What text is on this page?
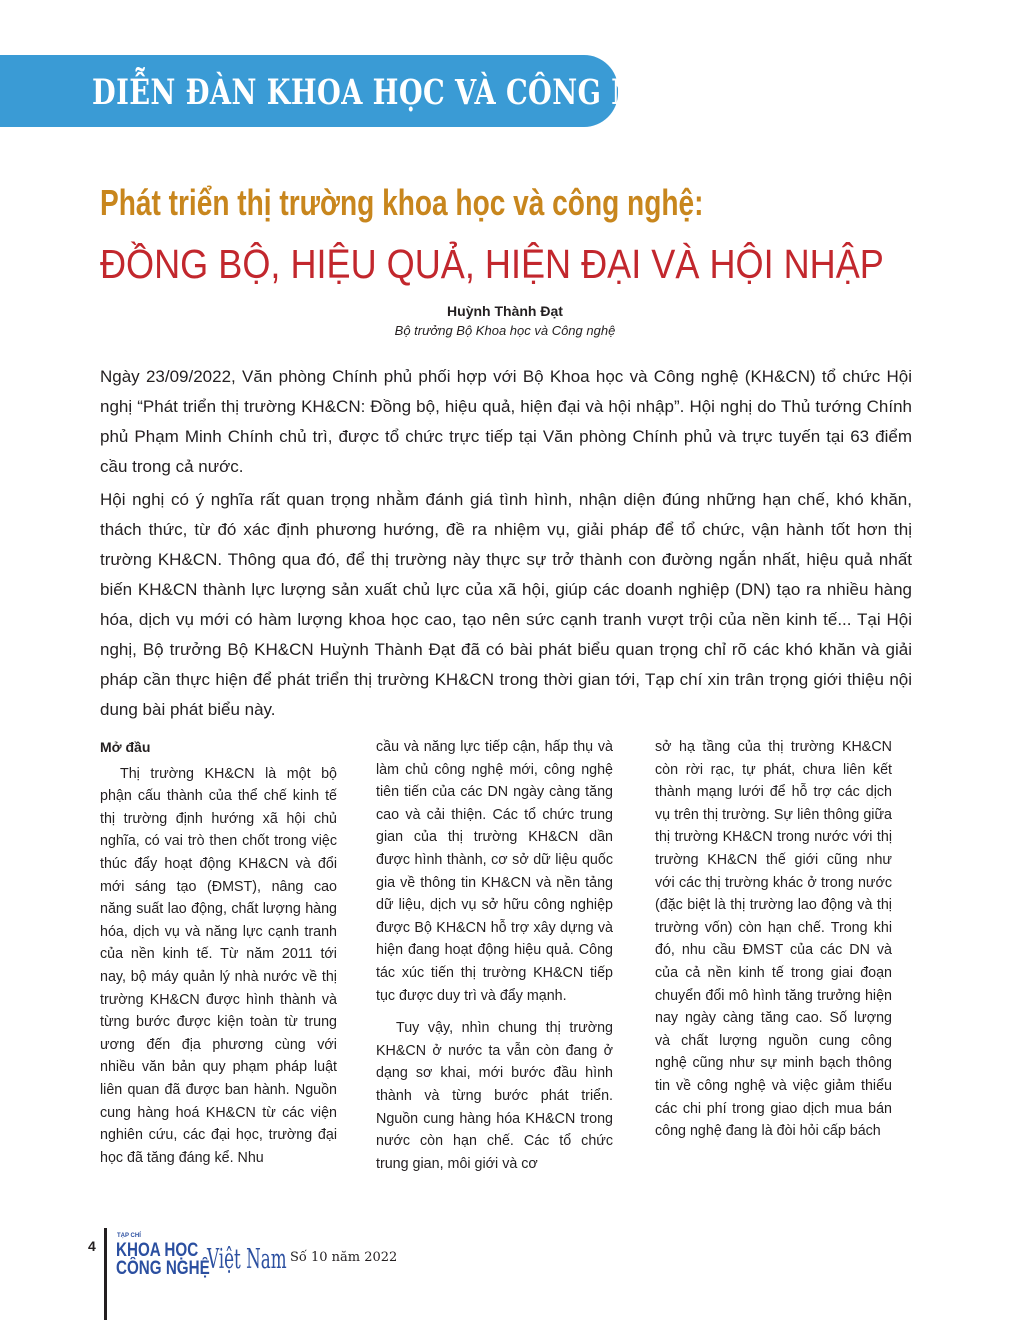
DIỄN ĐÀN KHOA HỌC VÀ CÔNG NGHỆ
Phát triển thị trường khoa học và công nghệ:
ĐỒNG BỘ, HIỆU QUẢ, HIỆN ĐẠI VÀ HỘI NHẬP
Huỳnh Thành Đạt
Bộ trưởng Bộ Khoa học và Công nghệ

Ngày 23/09/2022, Văn phòng Chính phủ phối hợp với Bộ Khoa học và Công nghệ (KH&CN) tổ chức Hội nghị “Phát triển thị trường KH&CN: Đồng bộ, hiệu quả, hiện đại và hội nhập”. Hội nghị do Thủ tướng Chính phủ Phạm Minh Chính chủ trì, được tổ chức trực tiếp tại Văn phòng Chính phủ và trực tuyến tại 63 điểm cầu trong cả nước.

Hội nghị có ý nghĩa rất quan trọng nhằm đánh giá tình hình, nhận diện đúng những hạn chế, khó khăn, thách thức, từ đó xác định phương hướng, đề ra nhiệm vụ, giải pháp để tổ chức, vận hành tốt hơn thị trường KH&CN. Thông qua đó, để thị trường này thực sự trở thành con đường ngắn nhất, hiệu quả nhất biến KH&CN thành lực lượng sản xuất chủ lực của xã hội, giúp các doanh nghiệp (DN) tạo ra nhiều hàng hóa, dịch vụ mới có hàm lượng khoa học cao, tạo nên sức cạnh tranh vượt trội của nền kinh tế... Tại Hội nghị, Bộ trưởng Bộ KH&CN Huỳnh Thành Đạt đã có bài phát biểu quan trọng chỉ rõ các khó khăn và giải pháp cần thực hiện để phát triển thị trường KH&CN trong thời gian tới, Tạp chí xin trân trọng giới thiệu nội dung bài phát biểu này.

Mở đầu

Thị trường KH&CN là một bộ phận cấu thành của thể chế kinh tế thị trường định hướng xã hội chủ nghĩa, có vai trò then chốt trong việc thúc đẩy hoạt động KH&CN và đổi mới sáng tạo (ĐMST), nâng cao năng suất lao động, chất lượng hàng hóa, dịch vụ và năng lực cạnh tranh của nền kinh tế. Từ năm 2011 tới nay, bộ máy quản lý nhà nước về thị trường KH&CN được hình thành và từng bước được kiện toàn từ trung ương đến địa phương cùng với nhiều văn bản quy phạm pháp luật liên quan đã được ban hành. Nguồn cung hàng hoá KH&CN từ các viện nghiên cứu, các đại học, trường đại học đã tăng đáng kể. Nhu

cầu và năng lực tiếp cận, hấp thụ và làm chủ công nghệ mới, công nghệ tiên tiến của các DN ngày càng tăng cao và cải thiện. Các tổ chức trung gian của thị trường KH&CN dần được hình thành, cơ sở dữ liệu quốc gia về thông tin KH&CN và nền tảng dữ liệu, dịch vụ sở hữu công nghiệp được Bộ KH&CN hỗ trợ xây dựng và hiện đang hoạt động hiệu quả. Công tác xúc tiến thị trường KH&CN tiếp tục được duy trì và đẩy mạnh.

Tuy vậy, nhìn chung thị trường KH&CN ở nước ta vẫn còn đang ở dạng sơ khai, mới bước đầu hình thành và từng bước phát triển. Nguồn cung hàng hóa KH&CN trong nước còn hạn chế. Các tổ chức trung gian, môi giới và cơ

sở hạ tầng của thị trường KH&CN còn rời rạc, tự phát, chưa liên kết thành mạng lưới để hỗ trợ các dịch vụ trên thị trường. Sự liên thông giữa thị trường KH&CN trong nước với thị trường KH&CN thế giới cũng như với các thị trường khác ở trong nước (đặc biệt là thị trường lao động và thị trường vốn) còn hạn chế. Trong khi đó, nhu cầu ĐMST của các DN và của cả nền kinh tế trong giai đoạn chuyển đổi mô hình tăng trưởng hiện nay ngày càng tăng cao. Số lượng và chất lượng nguồn cung công nghệ cũng như sự minh bạch thông tin về công nghệ và việc giảm thiểu các chi phí trong giao dịch mua bán công nghệ đang là đòi hỏi cấp bách

4
TẠP CHÍ
KHOA HỌC
CÔNG NGHỆ
Việt Nam Số 10 năm 2022
